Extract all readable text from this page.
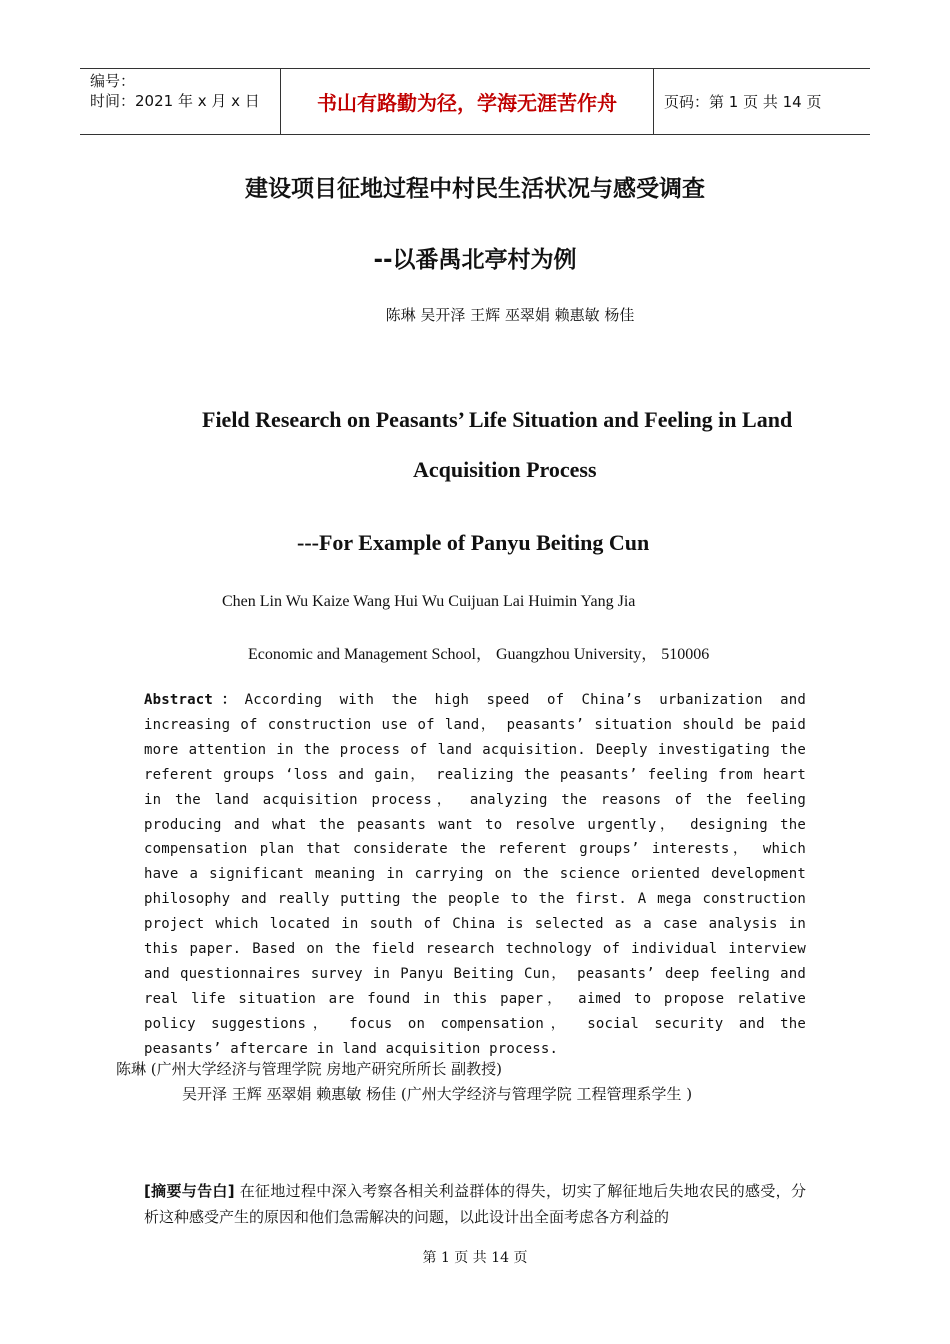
编号：
时间：2021 年 x 月 x 日	书山有路勤为径，学海无涯苦作舟	页码：第 1 页 共 14 页
建设项目征地过程中村民生活状况与感受调查
--以番禺北亭村为例
陈琳 吴开泽 王辉 巫翠娟 赖惠敏 杨佳
Field Research on Peasants’ Life Situation and Feeling in Land
Acquisition Process
---For Example of Panyu Beiting Cun
Chen Lin Wu Kaize Wang Hui Wu Cuijuan Lai Huimin Yang Jia
Economic and Management School， Guangzhou University， 510006
Abstract：According with the high speed of China’s urbanization and increasing of construction use of land， peasants’ situation should be paid more attention in the process of land acquisition. Deeply investigating the referent groups ‘loss and gain， realizing the peasants’ feeling from heart in the land acquisition process， analyzing the reasons of the feeling producing and what the peasants want to resolve urgently， designing the compensation plan that considerate the referent groups’ interests， which have a significant meaning in carrying on the science oriented development philosophy and really putting the people to the first. A mega construction project which located in south of China is selected as a case analysis in this paper. Based on the field research technology of individual interview and questionnaires survey in Panyu Beiting Cun， peasants’ deep feeling and real life situation are found in this paper， aimed to propose relative policy suggestions， focus on compensation， social security and the peasants’ aftercare in land acquisition process.
陈琳 (广州大学经济与管理学院 房地产研究所所长 副教授)
吴开泽 王辉 巫翠娟 赖惠敏 杨佳 (广州大学经济与管理学院 工程管理系学生 )
[摘要与告白] 在征地过程中深入考察各相关利益群体的得失，切实了解征地后失地农民的感受，分析这种感受产生的原因和他们急需解决的问题，以此设计出全面考虑各方利益的
第 1 页 共 14 页
